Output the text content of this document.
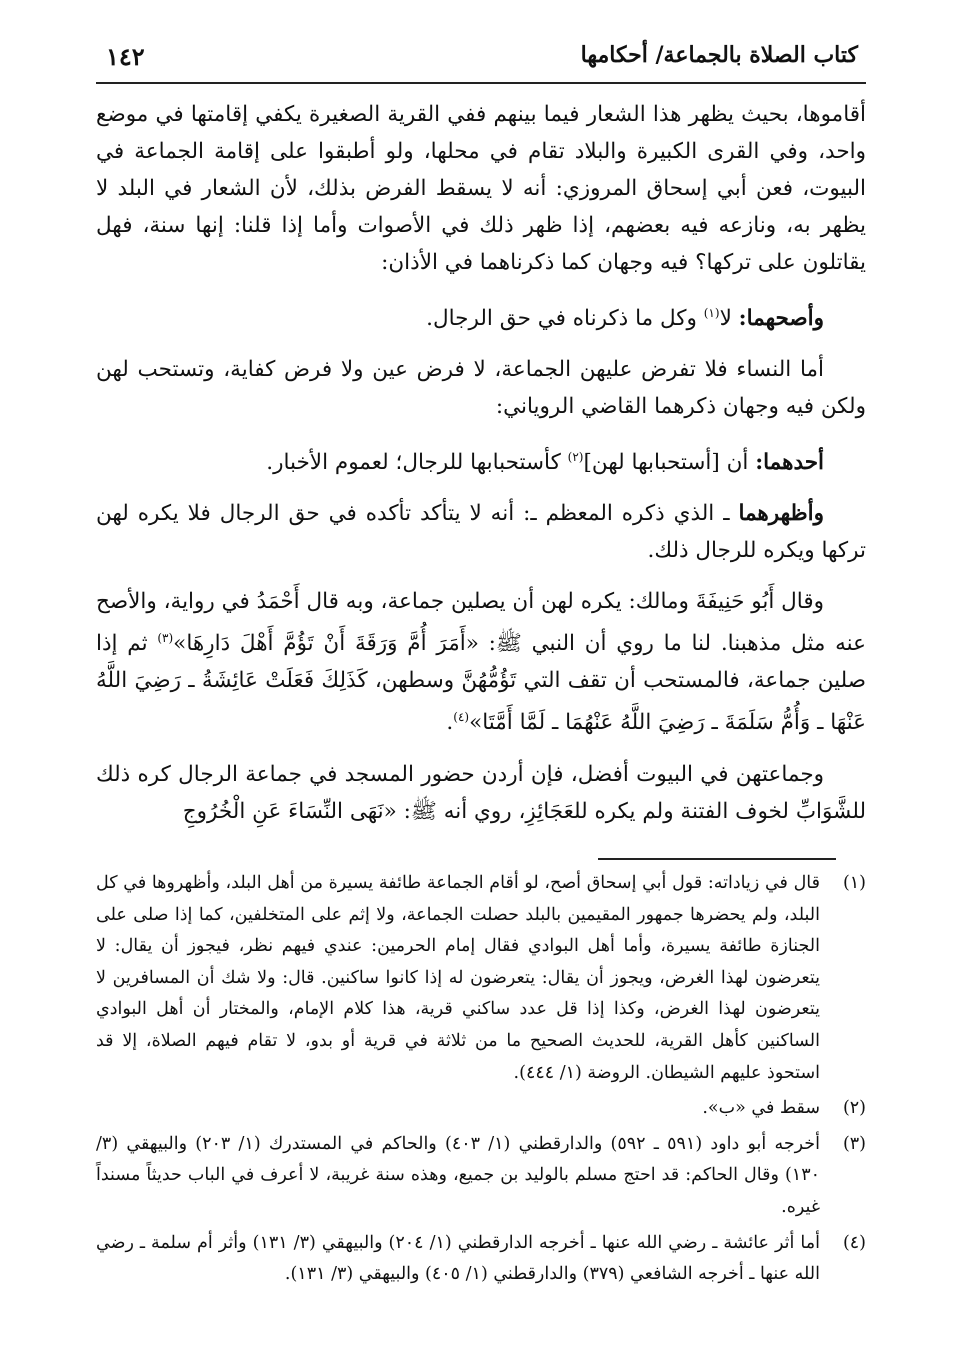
كتاب الصلاة بالجماعة/ أحكامها
١٤٢

أقاموها، بحيث يظهر هذا الشعار فيما بينهم ففي القرية الصغيرة يكفي إقامتها في موضع واحد، وفي القرى الكبيرة والبلاد تقام في محلها، ولو أطبقوا على إقامة الجماعة في البيوت، فعن أبي إسحاق المروزي: أنه لا يسقط الفرض بذلك، لأن الشعار في البلد لا يظهر به، ونازعه فيه بعضهم، إذا ظهر ذلك في الأصوات وأما إذا قلنا: إنها سنة، فهل يقاتلون على تركها؟ فيه وجهان كما ذكرناهما في الأذان:

وأصحهما: لا$^{(١)}$ وكل ما ذكرناه في حق الرجال.

أما النساء فلا تفرض عليهن الجماعة، لا فرض عين ولا فرض كفاية، وتستحب لهن ولكن فيه وجهان ذكرهما القاضي الروياني:

أحدهما: أن [أستحبابها لهن]$^{(٢)}$ كأستحبابها للرجال؛ لعموم الأخبار.

وأظهرهما ـ الذي ذكره المعظم ـ: أنه لا يتأكد تأكده في حق الرجال فلا يكره لهن تركها ويكره للرجال ذلك.

وقال أَبُو حَنِيفَةَ ومالك: يكره لهن أن يصلين جماعة، وبه قال أَحْمَدُ في رواية، والأصح عنه مثل مذهبنا. لنا ما روي أن النبي ﷺ: «أَمَرَ أُمَّ وَرَقَةَ أَنْ تَؤُمَّ أَهْلَ دَارِهَا»$^{(٣)}$ ثم إذا صلين جماعة، فالمستحب أن تقف التي تَؤُمُّهُنَّ وسطهن، كَذَلِكَ فَعَلَتْ عَائِشَةُ ـ رَضِيَ اللَّهُ عَنْهَا ـ وَأُمُّ سَلَمَةَ ـ رَضِيَ اللَّهُ عَنْهُمَا ـ لَمَّا أَمَّتَا»$^{(٤)}$.

وجماعتهن في البيوت أفضل، فإن أردن حضور المسجد في جماعة الرجال كره ذلك للشَّوَابِّ لخوف الفتنة ولم يكره للعَجَائِزِ، روي أنه ﷺ: «نَهَى النِّسَاءَ عَنِ الْخُرُوجِ

(١)
قال في زياداته: قول أبي إسحاق أصح، لو أقام الجماعة طائفة يسيرة من أهل البلد، وأظهروها في كل البلد، ولم يحضرها جمهور المقيمين بالبلد حصلت الجماعة، ولا إثم على المتخلفين، كما إذا صلى على الجنازة طائفة يسيرة، وأما أهل البوادي فقال إمام الحرمين: عندي فيهم نظر، فيجوز أن يقال: لا يتعرضون لهذا الغرض، ويجوز أن يقال: يتعرضون له إذا كانوا ساكنين. قال: ولا شك أن المسافرين لا يتعرضون لهذا الغرض، وكذا إذا قل عدد ساكني قرية، هذا كلام الإمام، والمختار أن أهل البوادي الساكنين كأهل القرية، للحديث الصحيح ما من ثلاثة في قرية أو بدو، لا تقام فيهم الصلاة، إلا قد استحوذ عليهم الشيطان. الروضة (١/ ٤٤٤).
(٢)
سقط في «ب».
(٣)
أخرجه أبو داود (٥٩١ ـ ٥٩٢) والدارقطني (١/ ٤٠٣) والحاكم في المستدرك (١/ ٢٠٣) والبيهقي (٣/ ١٣٠) وقال الحاكم: قد احتج مسلم بالوليد بن جميع، وهذه سنة غريبة، لا أعرف في الباب حديثاً مسنداً غيره.
(٤)
أما أثر عائشة ـ رضي الله عنها ـ أخرجه الدارقطني (١/ ٢٠٤) والبيهقي (٣/ ١٣١) وأثر أم سلمة ـ رضي الله عنها ـ أخرجه الشافعي (٣٧٩) والدارقطني (١/ ٤٠٥) والبيهقي (٣/ ١٣١).
